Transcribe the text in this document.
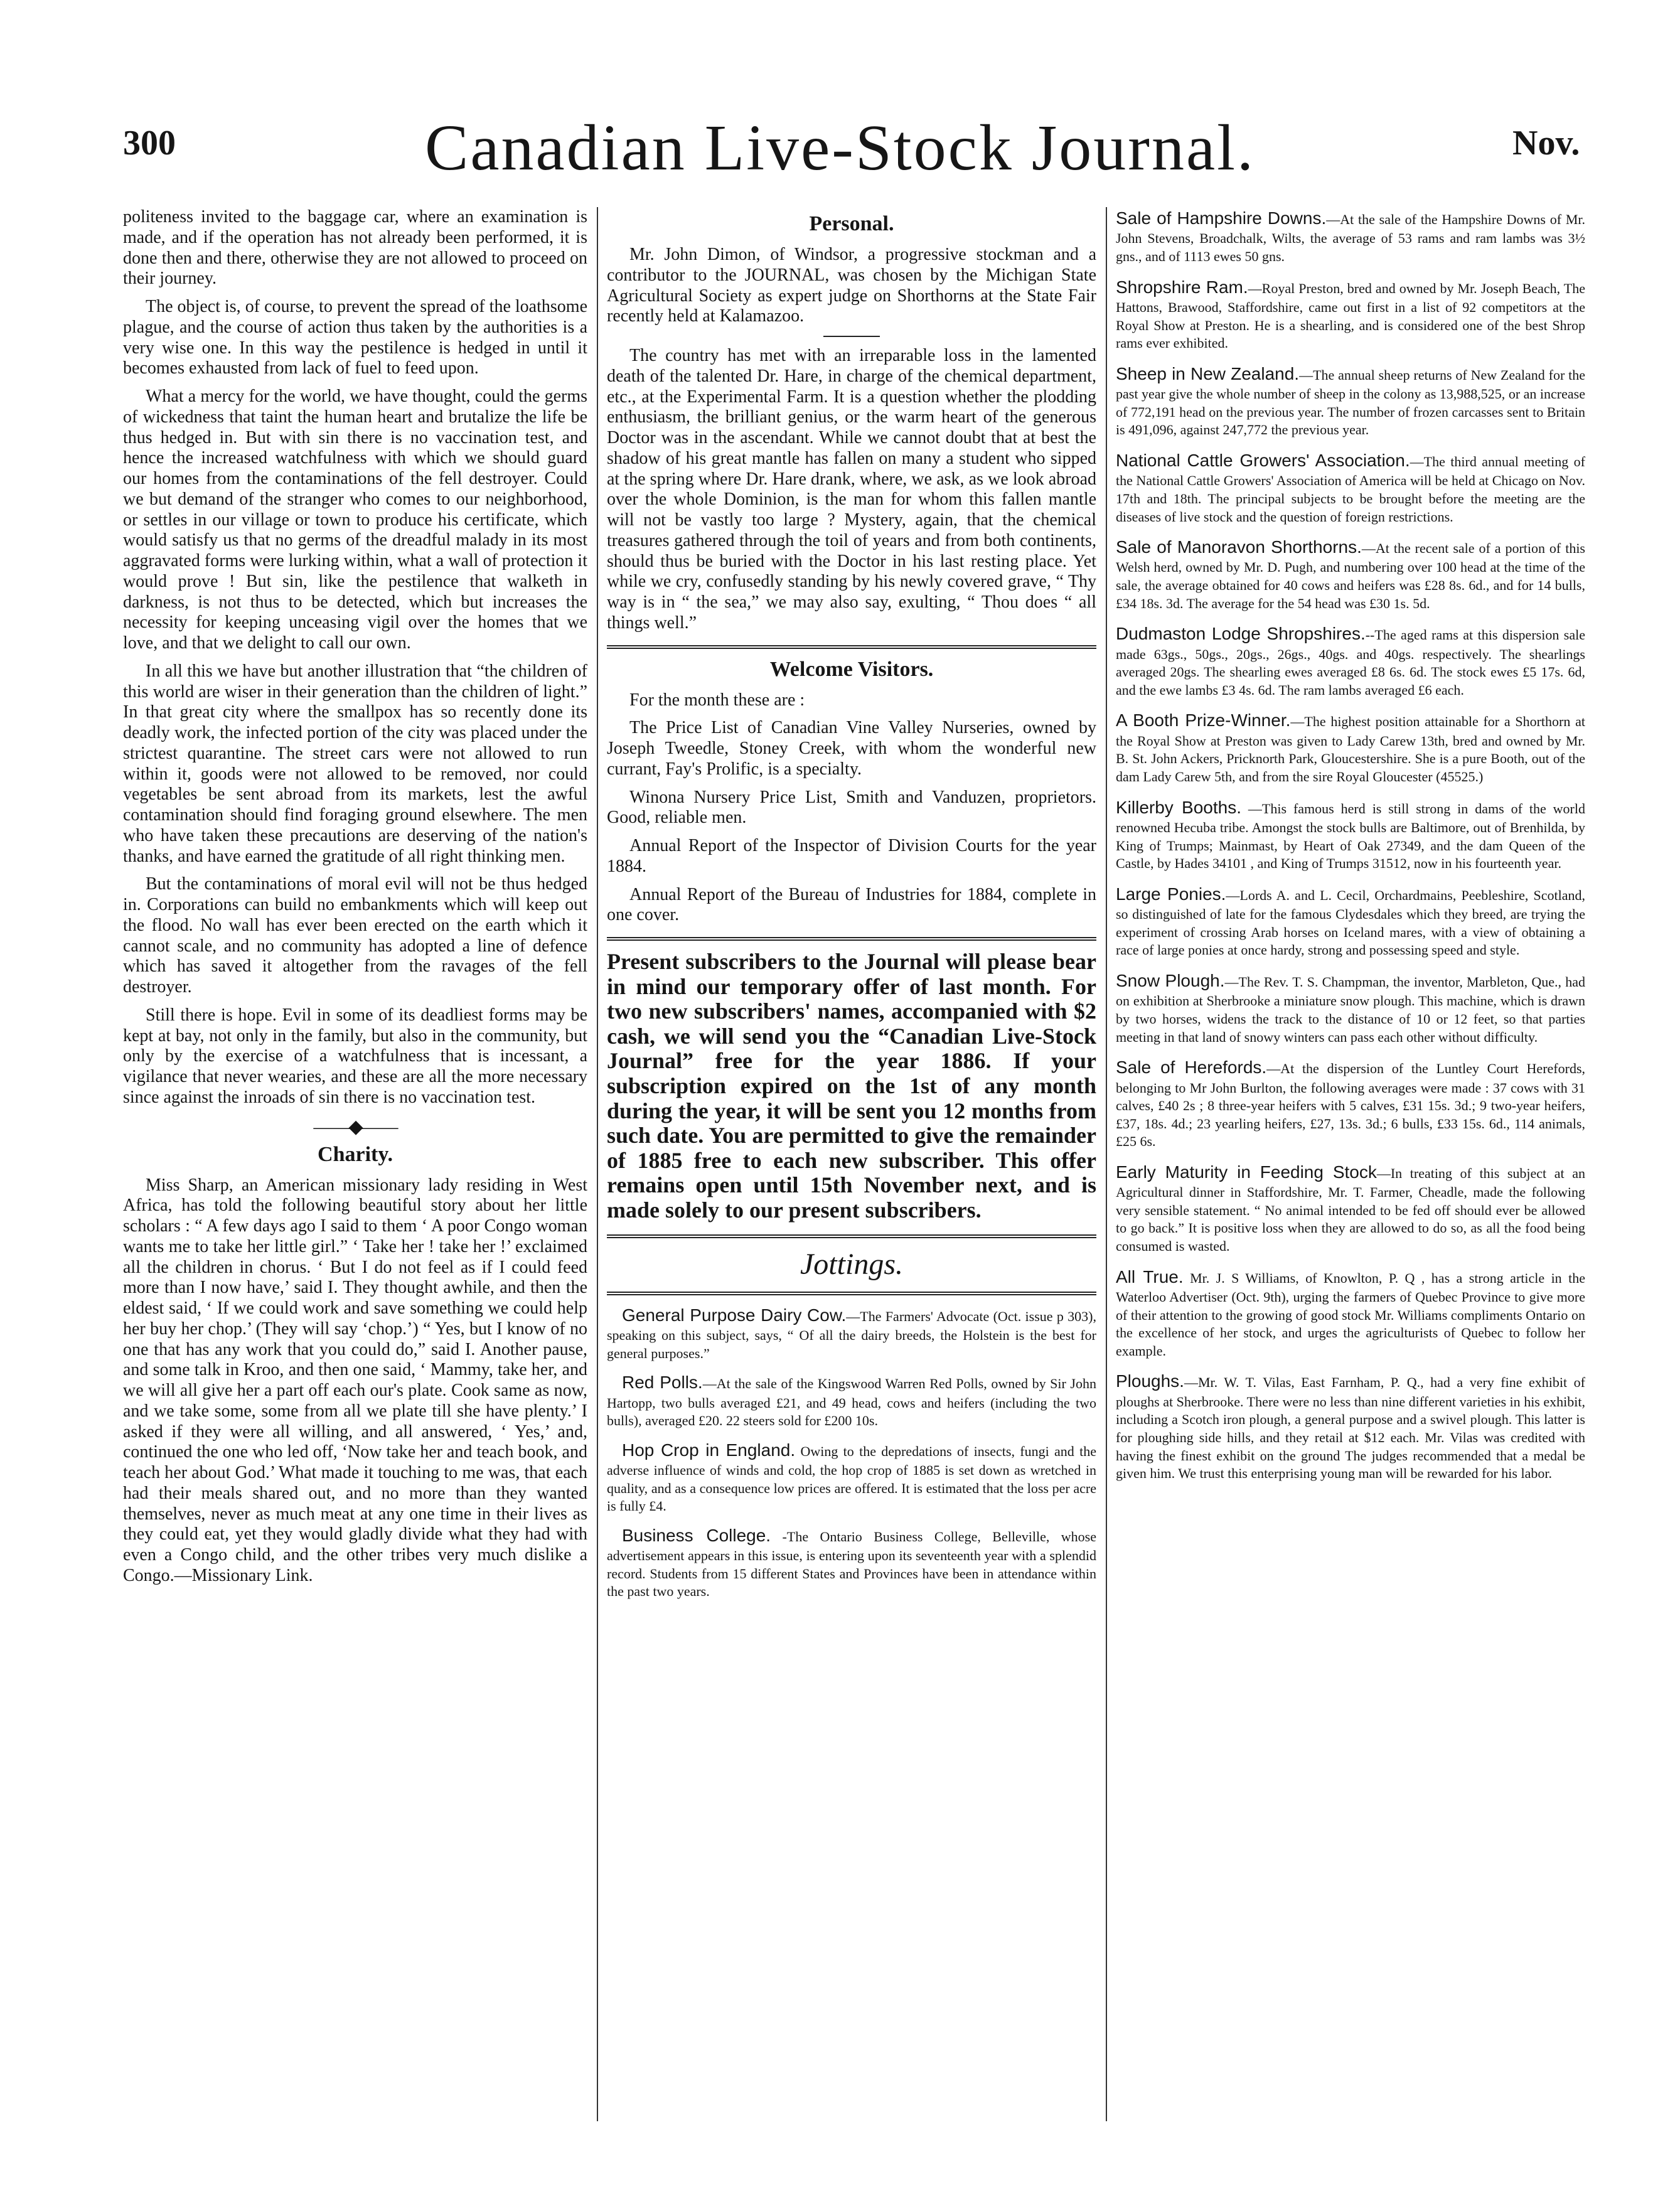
300	Canadian Live-Stock Journal.	Nov.

politeness invited to the baggage car, where an examination is made, and if the operation has not already been performed, it is done then and there, otherwise they are not allowed to proceed on their journey.

The object is, of course, to prevent the spread of the loathsome plague, and the course of action thus taken by the authorities is a very wise one. In this way the pestilence is hedged in until it becomes exhausted from lack of fuel to feed upon.

What a mercy for the world, we have thought, could the germs of wickedness that taint the human heart and brutalize the life be thus hedged in. But with sin there is no vaccination test, and hence the increased watchfulness with which we should guard our homes from the contaminations of the fell destroyer. Could we but demand of the stranger who comes to our neighborhood, or settles in our village or town to produce his certificate, which would satisfy us that no germs of the dreadful malady in its most aggravated forms were lurking within, what a wall of protection it would prove ! But sin, like the pestilence that walketh in darkness, is not thus to be detected, which but increases the necessity for keeping unceasing vigil over the homes that we love, and that we delight to call our own.

In all this we have but another illustration that “the children of this world are wiser in their generation than the children of light.” In that great city where the smallpox has so recently done its deadly work, the infected portion of the city was placed under the strictest quarantine. The street cars were not allowed to run within it, goods were not allowed to be removed, nor could vegetables be sent abroad from its markets, lest the awful contamination should find foraging ground elsewhere. The men who have taken these precautions are deserving of the nation's thanks, and have earned the gratitude of all right thinking men.

But the contaminations of moral evil will not be thus hedged in. Corporations can build no embankments which will keep out the flood. No wall has ever been erected on the earth which it cannot scale, and no community has adopted a line of defence which has saved it altogether from the ravages of the fell destroyer.

Still there is hope. Evil in some of its deadliest forms may be kept at bay, not only in the family, but also in the community, but only by the exercise of a watchfulness that is incessant, a vigilance that never wearies, and these are all the more necessary since against the inroads of sin there is no vaccination test.

——◆——
Charity.

Miss Sharp, an American missionary lady residing in West Africa, has told the following beautiful story about her little scholars : “ A few days ago I said to them ‘ A poor Congo woman wants me to take her little girl.” ‘ Take her ! take her !’ exclaimed all the children in chorus. ‘ But I do not feel as if I could feed more than I now have,’ said I. They thought awhile, and then the eldest said, ‘ If we could work and save something we could help her buy her chop.’ (They will say ‘chop.’) “ Yes, but I know of no one that has any work that you could do,” said I. Another pause, and some talk in Kroo, and then one said, ‘ Mammy, take her, and we will all give her a part off each our's plate. Cook same as now, and we take some, some from all we plate till she have plenty.’ I asked if they were all willing, and all answered, ‘ Yes,’ and, continued the one who led off, ‘Now take her and teach book, and teach her about God.’ What made it touching to me was, that each had their meals shared out, and no more than they wanted themselves, never as much meat at any one time in their lives as they could eat, yet they would gladly divide what they had with even a Congo child, and the other tribes very much dislike a Congo.—Missionary Link.

Personal.

Mr. John Dimon, of Windsor, a progressive stockman and a contributor to the JOURNAL, was chosen by the Michigan State Agricultural Society as expert judge on Shorthorns at the State Fair recently held at Kalamazoo.

The country has met with an irreparable loss in the lamented death of the talented Dr. Hare, in charge of the chemical department, etc., at the Experimental Farm. It is a question whether the plodding enthusiasm, the brilliant genius, or the warm heart of the generous Doctor was in the ascendant. While we cannot doubt that at best the shadow of his great mantle has fallen on many a student who sipped at the spring where Dr. Hare drank, where, we ask, as we look abroad over the whole Dominion, is the man for whom this fallen mantle will not be vastly too large ? Mystery, again, that the chemical treasures gathered through the toil of years and from both continents, should thus be buried with the Doctor in his last resting place. Yet while we cry, confusedly standing by his newly covered grave, “ Thy way is in “ the sea,” we may also say, exulting, “ Thou does “ all things well.”

Welcome Visitors.

For the month these are :

The Price List of Canadian Vine Valley Nurseries, owned by Joseph Tweedle, Stoney Creek, with whom the wonderful new currant, Fay's Prolific, is a specialty.

Winona Nursery Price List, Smith and Vanduzen, proprietors. Good, reliable men.

Annual Report of the Inspector of Division Courts for the year 1884.

Annual Report of the Bureau of Industries for 1884, complete in one cover.

Present subscribers to the Journal will please bear in mind our temporary offer of last month. For two new subscribers' names, accompanied with $2 cash, we will send you the “Canadian Live-Stock Journal” free for the year 1886. If your subscription expired on the 1st of any month during the year, it will be sent you 12 months from such date. You are permitted to give the remainder of 1885 free to each new subscriber. This offer remains open until 15th November next, and is made solely to our present subscribers.
Jottings.
General Purpose Dairy Cow.—The Farmers' Advocate (Oct. issue p 303), speaking on this subject, says, “ Of all the dairy breeds, the Holstein is the best for general purposes.”
Red Polls.—At the sale of the Kingswood Warren Red Polls, owned by Sir John Hartopp, two bulls averaged £21, and 49 head, cows and heifers (including the two bulls), averaged £20. 22 steers sold for £200 10s.
Hop Crop in England. Owing to the depredations of insects, fungi and the adverse influence of winds and cold, the hop crop of 1885 is set down as wretched in quality, and as a consequence low prices are offered. It is estimated that the loss per acre is fully £4.
Business College. -The Ontario Business College, Belleville, whose advertisement appears in this issue, is entering upon its seventeenth year with a splendid record. Students from 15 different States and Provinces have been in attendance within the past two years.
Sale of Hampshire Downs.—At the sale of the Hampshire Downs of Mr. John Stevens, Broadchalk, Wilts, the average of 53 rams and ram lambs was 3½ gns., and of 1113 ewes 50 gns.
Shropshire Ram.—Royal Preston, bred and owned by Mr. Joseph Beach, The Hattons, Brawood, Staffordshire, came out first in a list of 92 competitors at the Royal Show at Preston. He is a shearling, and is considered one of the best Shrop rams ever exhibited.
Sheep in New Zealand.—The annual sheep returns of New Zealand for the past year give the whole number of sheep in the colony as 13,988,525, or an increase of 772,191 head on the previous year. The number of frozen carcasses sent to Britain is 491,096, against 247,772 the previous year.
National Cattle Growers' Association.—The third annual meeting of the National Cattle Growers' Association of America will be held at Chicago on Nov. 17th and 18th. The principal subjects to be brought before the meeting are the diseases of live stock and the question of foreign restrictions.
Sale of Manoravon Shorthorns.—At the recent sale of a portion of this Welsh herd, owned by Mr. D. Pugh, and numbering over 100 head at the time of the sale, the average obtained for 40 cows and heifers was £28 8s. 6d., and for 14 bulls, £34 18s. 3d. The average for the 54 head was £30 1s. 5d.
Dudmaston Lodge Shropshires.--The aged rams at this dispersion sale made 63gs., 50gs., 20gs., 26gs., 40gs. and 40gs. respectively. The shearlings averaged 20gs. The shearling ewes averaged £8 6s. 6d. The stock ewes £5 17s. 6d, and the ewe lambs £3 4s. 6d. The ram lambs averaged £6 each.
A Booth Prize-Winner.—The highest position attainable for a Shorthorn at the Royal Show at Preston was given to Lady Carew 13th, bred and owned by Mr. B. St. John Ackers, Pricknorth Park, Gloucestershire. She is a pure Booth, out of the dam Lady Carew 5th, and from the sire Royal Gloucester (45525.)
Killerby Booths. —This famous herd is still strong in dams of the world renowned Hecuba tribe. Amongst the stock bulls are Baltimore, out of Brenhilda, by King of Trumps; Mainmast, by Heart of Oak 27349, and the dam Queen of the Castle, by Hades 34101 , and King of Trumps 31512, now in his fourteenth year.
Large Ponies.—Lords A. and L. Cecil, Orchardmains, Peebleshire, Scotland, so distinguished of late for the famous Clydesdales which they breed, are trying the experiment of crossing Arab horses on Iceland mares, with a view of obtaining a race of large ponies at once hardy, strong and possessing speed and style.
Snow Plough.—The Rev. T. S. Champman, the inventor, Marbleton, Que., had on exhibition at Sherbrooke a miniature snow plough. This machine, which is drawn by two horses, widens the track to the distance of 10 or 12 feet, so that parties meeting in that land of snowy winters can pass each other without difficulty.
Sale of Herefords.—At the dispersion of the Luntley Court Herefords, belonging to Mr John Burlton, the following averages were made : 37 cows with 31 calves, £40 2s ; 8 three-year heifers with 5 calves, £31 15s. 3d.; 9 two-year heifers, £37, 18s. 4d.; 23 yearling heifers, £27, 13s. 3d.; 6 bulls, £33 15s. 6d., 114 animals, £25 6s.
Early Maturity in Feeding Stock—In treating of this subject at an Agricultural dinner in Staffordshire, Mr. T. Farmer, Cheadle, made the following very sensible statement. “ No animal intended to be fed off should ever be allowed to go back.” It is positive loss when they are allowed to do so, as all the food being consumed is wasted.
All True. Mr. J. S Williams, of Knowlton, P. Q , has a strong article in the Waterloo Advertiser (Oct. 9th), urging the farmers of Quebec Province to give more of their attention to the growing of good stock Mr. Williams compliments Ontario on the excellence of her stock, and urges the agriculturists of Quebec to follow her example.
Ploughs.—Mr. W. T. Vilas, East Farnham, P. Q., had a very fine exhibit of ploughs at Sherbrooke. There were no less than nine different varieties in his exhibit, including a Scotch iron plough, a general purpose and a swivel plough. This latter is for ploughing side hills, and they retail at $12 each. Mr. Vilas was credited with having the finest exhibit on the ground The judges recommended that a medal be given him. We trust this enterprising young man will be rewarded for his labor.
